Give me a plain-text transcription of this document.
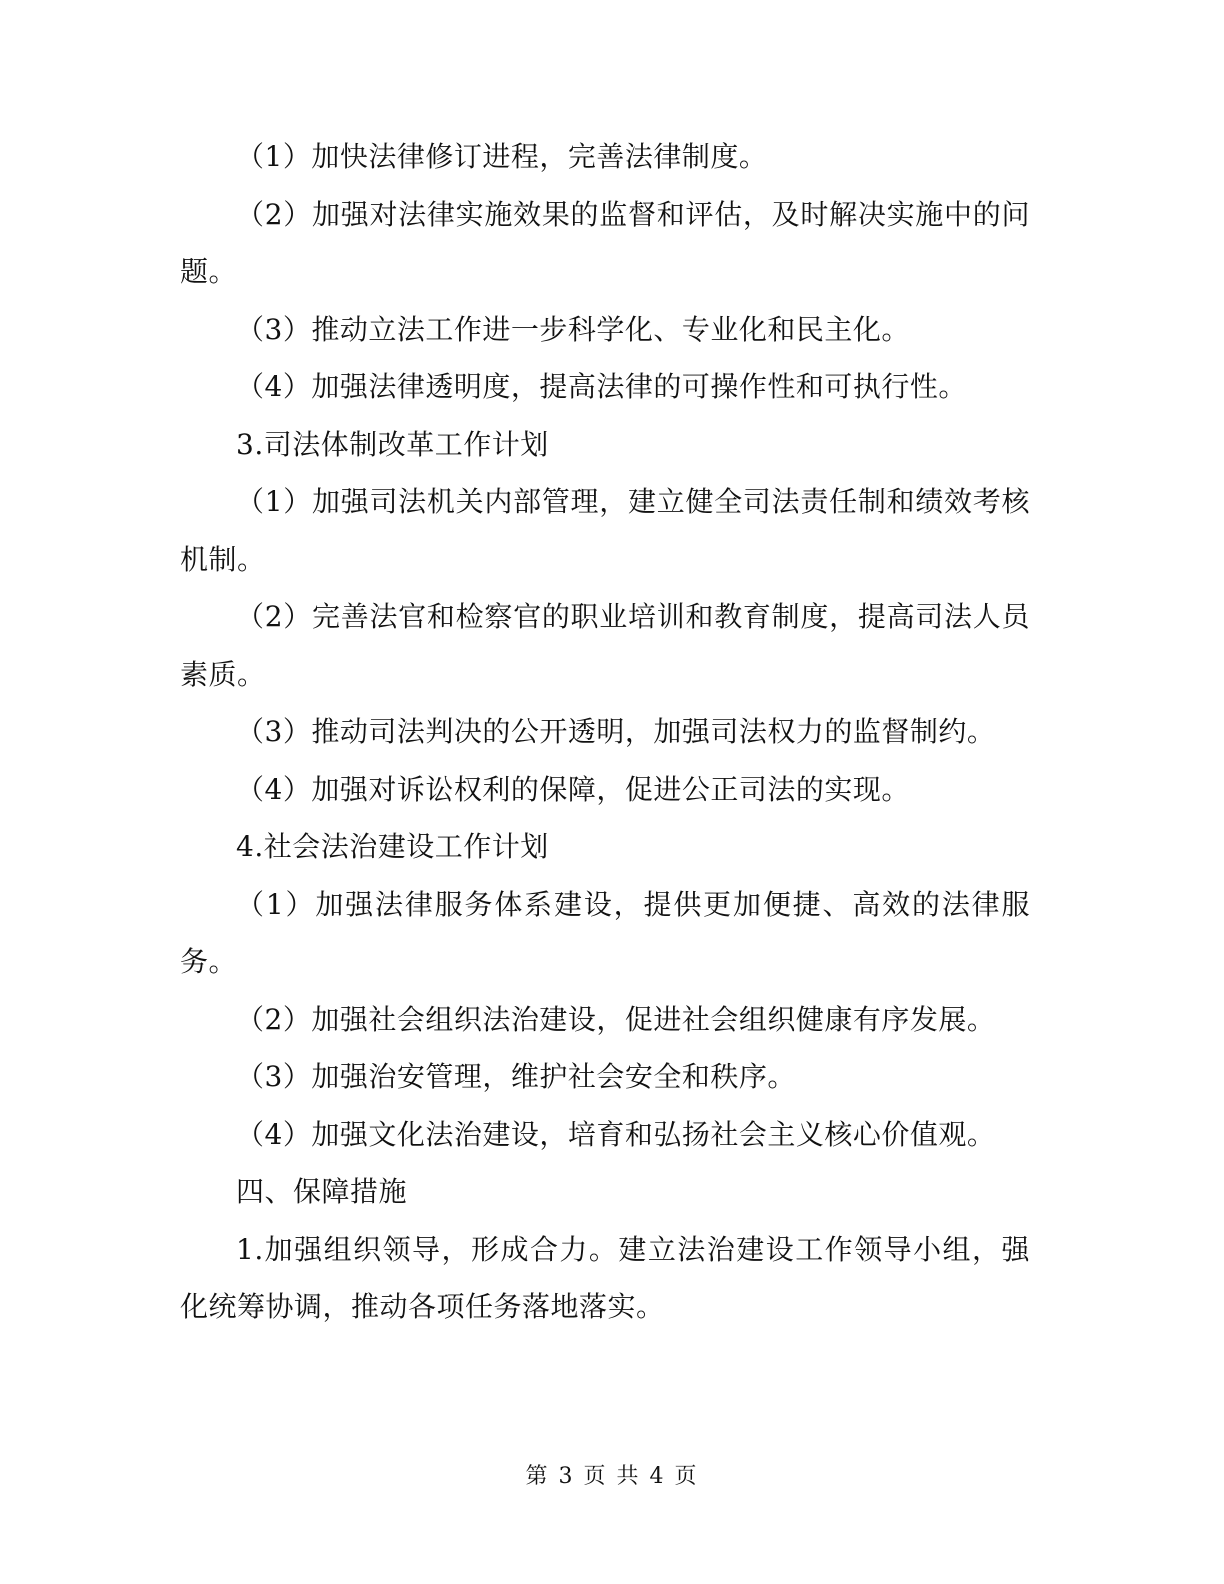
（1）加快法律修订进程，完善法律制度。

（2）加强对法律实施效果的监督和评估，及时解决实施中的问题。

（3）推动立法工作进一步科学化、专业化和民主化。

（4）加强法律透明度，提高法律的可操作性和可执行性。

3.司法体制改革工作计划

（1）加强司法机关内部管理，建立健全司法责任制和绩效考核机制。

（2）完善法官和检察官的职业培训和教育制度，提高司法人员素质。

（3）推动司法判决的公开透明，加强司法权力的监督制约。

（4）加强对诉讼权利的保障，促进公正司法的实现。

4.社会法治建设工作计划

（1）加强法律服务体系建设，提供更加便捷、高效的法律服务。

（2）加强社会组织法治建设，促进社会组织健康有序发展。

（3）加强治安管理，维护社会安全和秩序。

（4）加强文化法治建设，培育和弘扬社会主义核心价值观。

四、保障措施

1.加强组织领导，形成合力。建立法治建设工作领导小组，强化统筹协调，推动各项任务落地落实。

第 3 页 共 4 页
